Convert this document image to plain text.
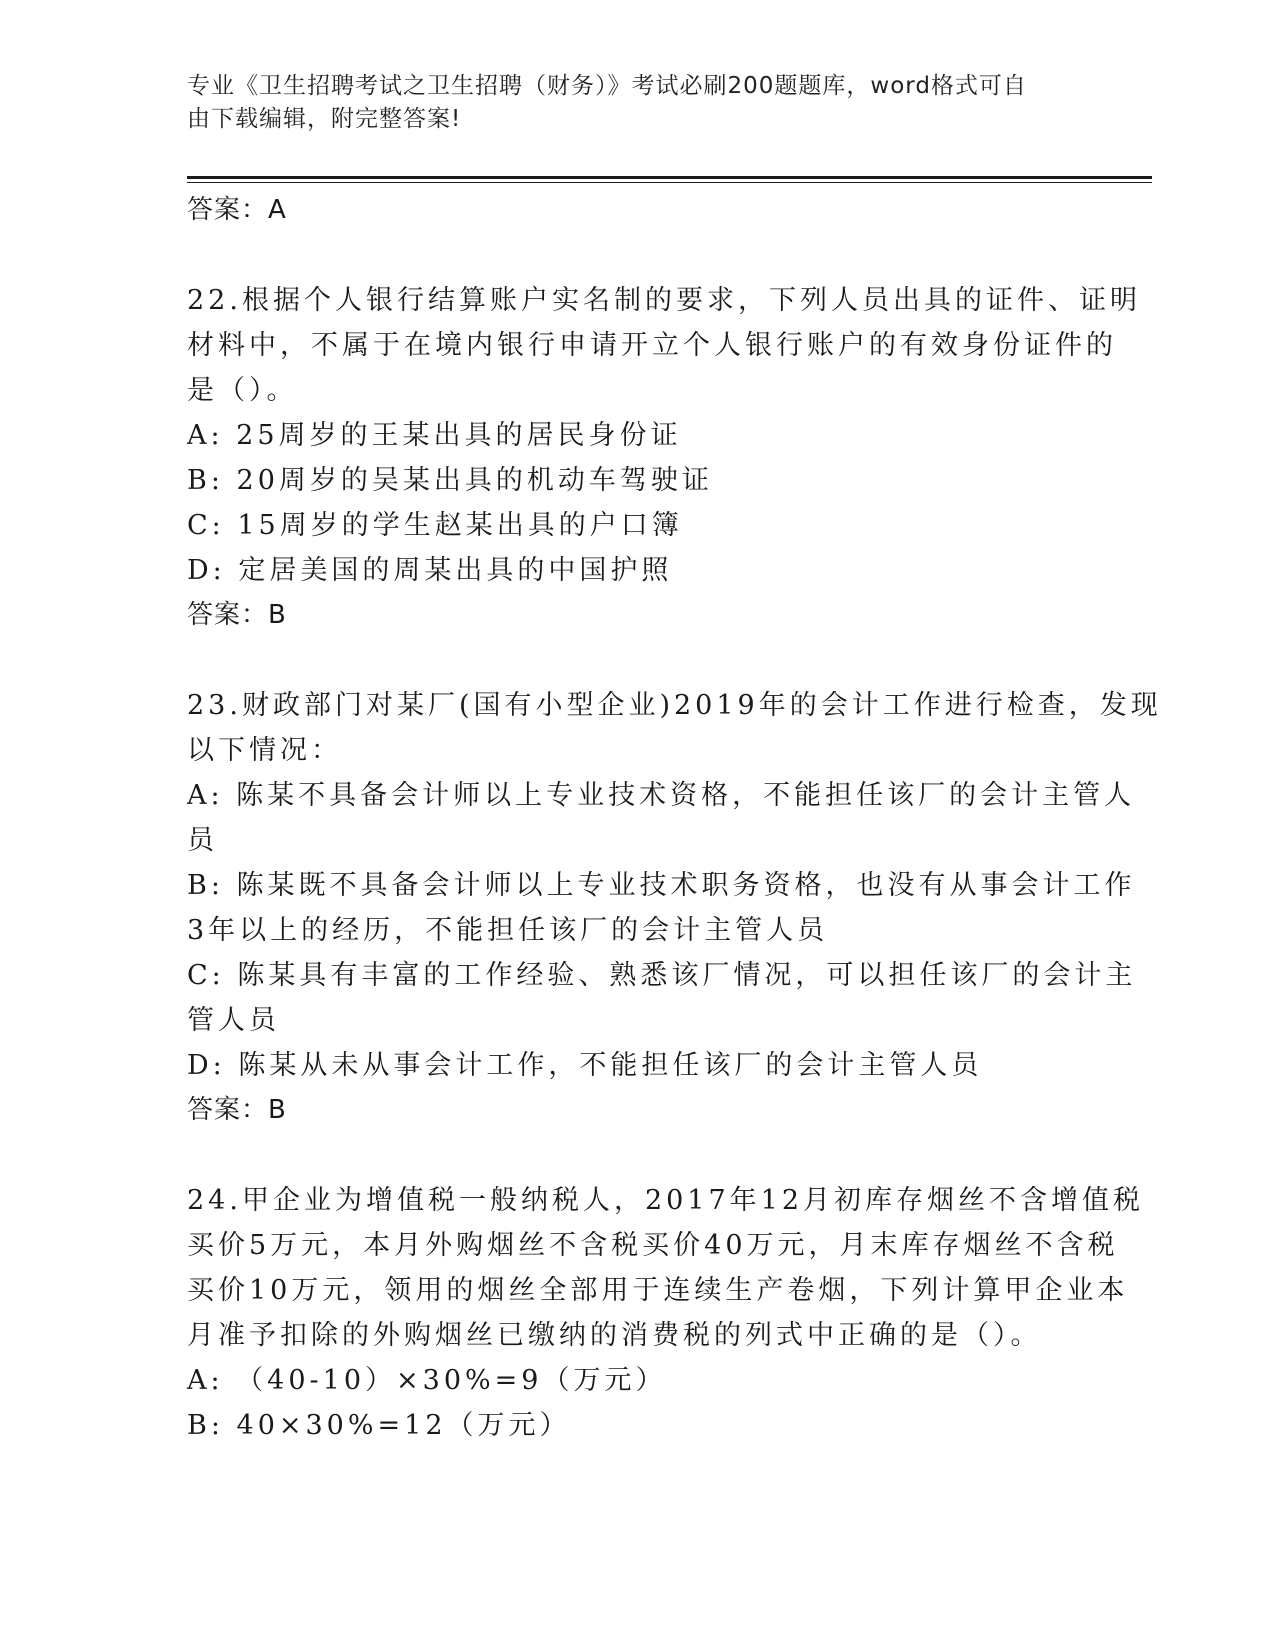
专业《卫生招聘考试之卫生招聘（财务）》考试必刷200题题库，word格式可自
由下载编辑，附完整答案!
答案：A
22.根据个人银行结算账户实名制的要求，下列人员出具的证件、证明
材料中，不属于在境内银行申请开立个人银行账户的有效身份证件的
是（）。
A: 25周岁的王某出具的居民身份证
B: 20周岁的吴某出具的机动车驾驶证
C: 15周岁的学生赵某出具的户口簿
D: 定居美国的周某出具的中国护照
答案：B
23.财政部门对某厂(国有小型企业)2019年的会计工作进行检查，发现
以下情况：
A: 陈某不具备会计师以上专业技术资格，不能担任该厂的会计主管人
员
B: 陈某既不具备会计师以上专业技术职务资格，也没有从事会计工作
3年以上的经历，不能担任该厂的会计主管人员
C: 陈某具有丰富的工作经验、熟悉该厂情况，可以担任该厂的会计主
管人员
D: 陈某从未从事会计工作，不能担任该厂的会计主管人员
答案：B
24.甲企业为增值税一般纳税人，2017年12月初库存烟丝不含增值税
买价5万元，本月外购烟丝不含税买价40万元，月末库存烟丝不含税
买价10万元，领用的烟丝全部用于连续生产卷烟，下列计算甲企业本
月准予扣除的外购烟丝已缴纳的消费税的列式中正确的是（）。
A: （40-10）×30%=9（万元）
B: 40×30%=12（万元）
